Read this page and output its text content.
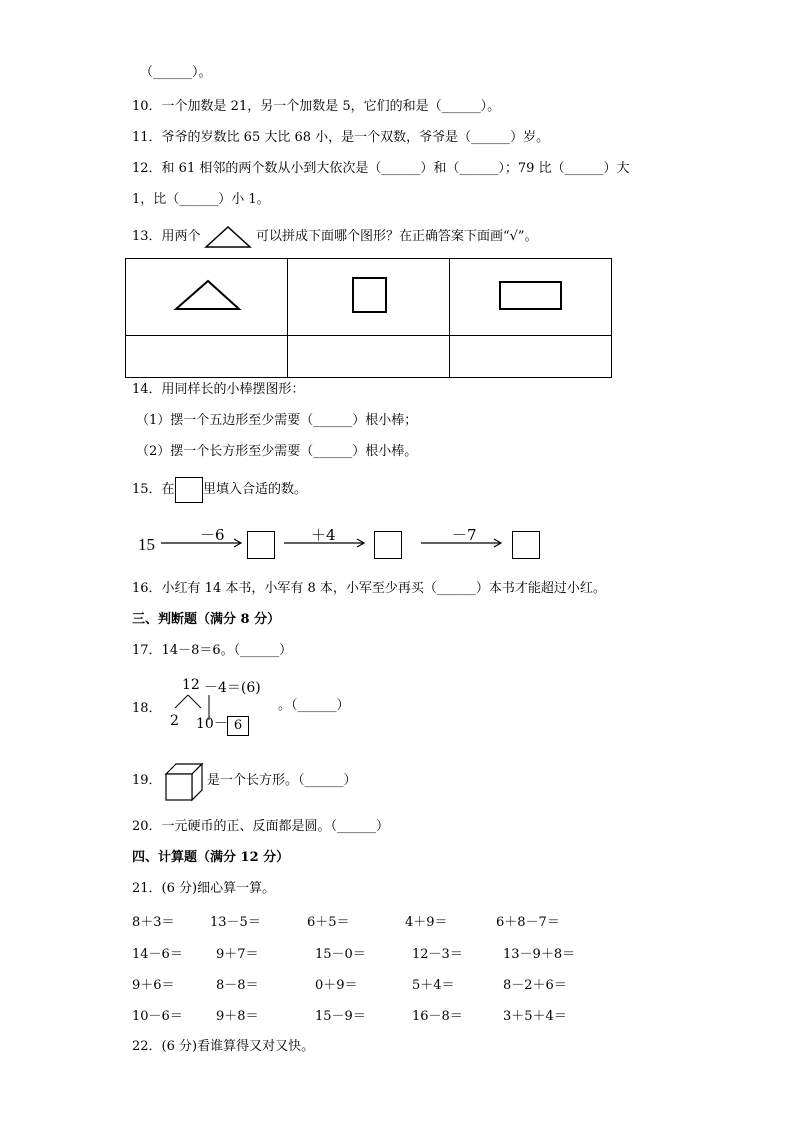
（______）。
10．一个加数是 21，另一个加数是 5，它们的和是（______）。
11．爷爷的岁数比 65 大比 68 小，是一个双数，爷爷是（______）岁。
12．和 61 相邻的两个数从小到大依次是（______）和（______）；79 比（______）大
1，比（______）小 1。
13．用两个	可以拼成下面哪个图形？在正确答案下面画“√”。

14．用同样长的小棒摆图形：
（1）摆一个五边形至少需要（______）根小棒；
（2）摆一个长方形至少需要（______）根小棒。
15．在 里填入合适的数。
15	－6	＋4	－7
16．小红有 14 本书，小军有 8 本，小军至少再买（______）本书才能超过小红。
三、判断题（满分 8 分）
17．14－8＝6。（______）
18．
12 －4＝(6)
2 10－ 6
。（______）
19．	是一个长方形。（______）
20．一元硬币的正、反面都是圆。（______）
四、计算题（满分 12 分）
21．(6 分)细心算一算。
8＋3＝	13－5＝	6＋5＝	4＋9＝	6＋8－7＝
14－6＝	9＋7＝	15－0＝	12－3＝	13－9＋8＝
9＋6＝	8－8＝	0＋9＝	5＋4＝	8－2＋6＝
10－6＝	9＋8＝	15－9＝	16－8＝	3＋5＋4＝
22．(6 分)看谁算得又对又快。
